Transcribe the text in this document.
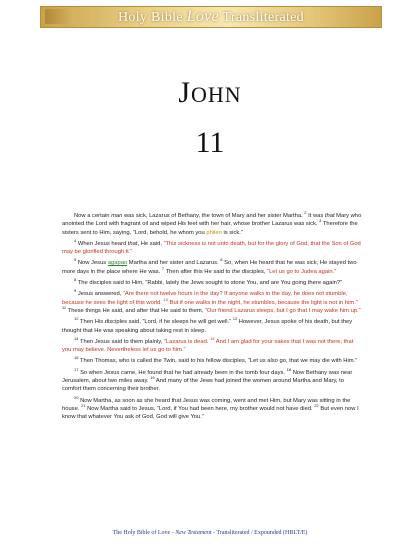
Holy Bible Love Transliterated
JOHN
11

Now a certain man was sick, Lazarus of Bethany, the town of Mary and her sister Martha. $^2$ It was that Mary who anointed the Lord with fragrant oil and wiped His feet with her hair, whose brother Lazarus was sick. $^3$ Therefore the sisters sent to Him, saying, “Lord, behold, he whom you phileo is sick.”

$^4$ When Jesus heard that, He said, “This sickness is not unto death, but for the glory of God, that the Son of God may be glorified through it.”

$^5$ Now Jesus agapao Martha and her sister and Lazarus. $^6$ So, when He heard that he was sick, He stayed two more days in the place where He was. $^7$ Then after this He said to the disciples, “Let us go to Judea again.”

$^8$ The disciples said to Him, “Rabbi, lately the Jews sought to stone You, and are You going there again?”

$^9$ Jesus answered, “Are there not twelve hours in the day? If anyone walks in the day, he does not stumble, because he sees the light of this world. $^{10}$ But if one walks in the night, he stumbles, because the light is not in him.” $^{11}$ These things He said, and after that He said to them, “Our friend Lazarus sleeps, but I go that I may wake him up.”

$^{12}$ Then His disciples said, “Lord, if he sleeps he will get well.” $^{13}$ However, Jesus spoke of his death, but they thought that He was speaking about taking rest in sleep.

$^{14}$ Then Jesus said to them plainly, “Lazarus is dead. $^{15}$ And I am glad for your sakes that I was not there, that you may believe. Nevertheless let us go to him.”

$^{16}$ Then Thomas, who is called the Twin, said to his fellow disciples, “Let us also go, that we may die with Him.”

$^{17}$ So when Jesus came, He found that he had already been in the tomb four days. $^{18}$ Now Bethany was near Jerusalem, about two miles away. $^{19}$ And many of the Jews had joined the women around Martha and Mary, to comfort them concerning their brother.

$^{20}$ Now Martha, as soon as she heard that Jesus was coming, went and met Him, but Mary was sitting in the house. $^{21}$ Now Martha said to Jesus, “Lord, if You had been here, my brother would not have died. $^{22}$ But even now I know that whatever You ask of God, God will give You.”

The Holy Bible of Love - New Testament - Transliterated / Expounded (HBLT/E)
